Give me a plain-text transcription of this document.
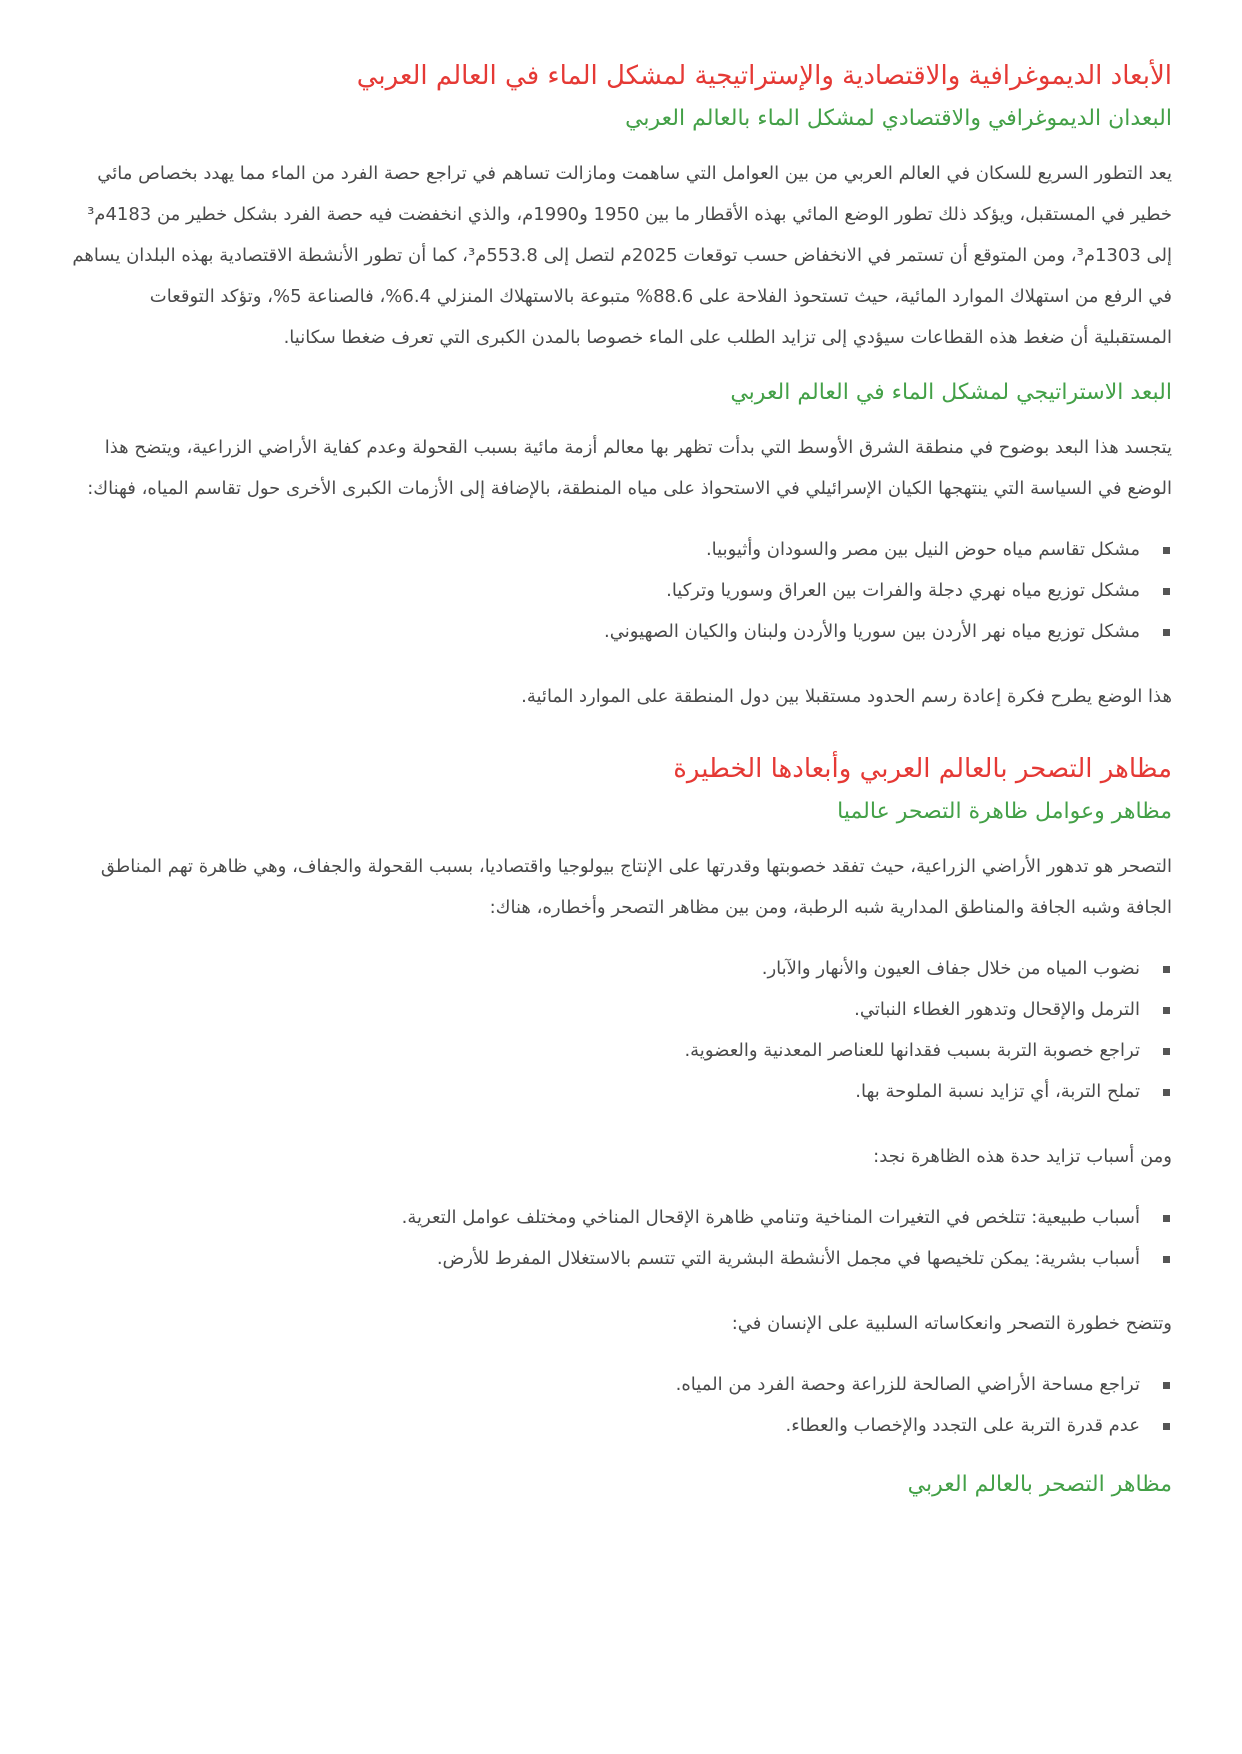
الأبعاد الديموغرافية والاقتصادية والإستراتيجية لمشكل الماء في العالم العربي
البعدان الديموغرافي والاقتصادي لمشكل الماء بالعالم العربي

يعد التطور السريع للسكان في العالم العربي من بين العوامل التي ساهمت ومازالت تساهم في تراجع حصة الفرد من الماء مما يهدد بخصاص مائي خطير في المستقبل، ويؤكد ذلك تطور الوضع المائي بهذه الأقطار ما بين 1950 و1990م، والذي انخفضت فيه حصة الفرد بشكل خطير من 4183م³ إلى 1303م³، ومن المتوقع أن تستمر في الانخفاض حسب توقعات 2025م لتصل إلى 553.8م³، كما أن تطور الأنشطة الاقتصادية بهذه البلدان يساهم في الرفع من استهلاك الموارد المائية، حيث تستحوذ الفلاحة على 88.6% متبوعة بالاستهلاك المنزلي 6.4%، فالصناعة 5%، وتؤكد التوقعات المستقبلية أن ضغط هذه القطاعات سيؤدي إلى تزايد الطلب على الماء خصوصا بالمدن الكبرى التي تعرف ضغطا سكانيا.

البعد الاستراتيجي لمشكل الماء في العالم العربي

يتجسد هذا البعد بوضوح في منطقة الشرق الأوسط التي بدأت تظهر بها معالم أزمة مائية بسبب القحولة وعدم كفاية الأراضي الزراعية، ويتضح هذا الوضع في السياسة التي ينتهجها الكيان الإسرائيلي في الاستحواذ على مياه المنطقة، بالإضافة إلى الأزمات الكبرى الأخرى حول تقاسم المياه، فهناك:

مشكل تقاسم مياه حوض النيل بين مصر والسودان وأثيوبيا.
مشكل توزيع مياه نهري دجلة والفرات بين العراق وسوريا وتركيا.
مشكل توزيع مياه نهر الأردن بين سوريا والأردن ولبنان والكيان الصهيوني.

هذا الوضع يطرح فكرة إعادة رسم الحدود مستقبلا بين دول المنطقة على الموارد المائية.

مظاهر التصحر بالعالم العربي وأبعادها الخطيرة
مظاهر وعوامل ظاهرة التصحر عالميا

التصحر هو تدهور الأراضي الزراعية، حيث تفقد خصوبتها وقدرتها على الإنتاج بيولوجيا واقتصاديا، بسبب القحولة والجفاف، وهي ظاهرة تهم المناطق الجافة وشبه الجافة والمناطق المدارية شبه الرطبة، ومن بين مظاهر التصحر وأخطاره، هناك:

نضوب المياه من خلال جفاف العيون والأنهار والآبار.
الترمل والإقحال وتدهور الغطاء النباتي.
تراجع خصوبة التربة بسبب فقدانها للعناصر المعدنية والعضوية.
تملح التربة، أي تزايد نسبة الملوحة بها.

ومن أسباب تزايد حدة هذه الظاهرة نجد:

أسباب طبيعية: تتلخص في التغيرات المناخية وتنامي ظاهرة الإقحال المناخي ومختلف عوامل التعرية.
أسباب بشرية: يمكن تلخيصها في مجمل الأنشطة البشرية التي تتسم بالاستغلال المفرط للأرض.

وتتضح خطورة التصحر وانعكاساته السلبية على الإنسان في:

تراجع مساحة الأراضي الصالحة للزراعة وحصة الفرد من المياه.
عدم قدرة التربة على التجدد والإخصاب والعطاء.
مظاهر التصحر بالعالم العربي
